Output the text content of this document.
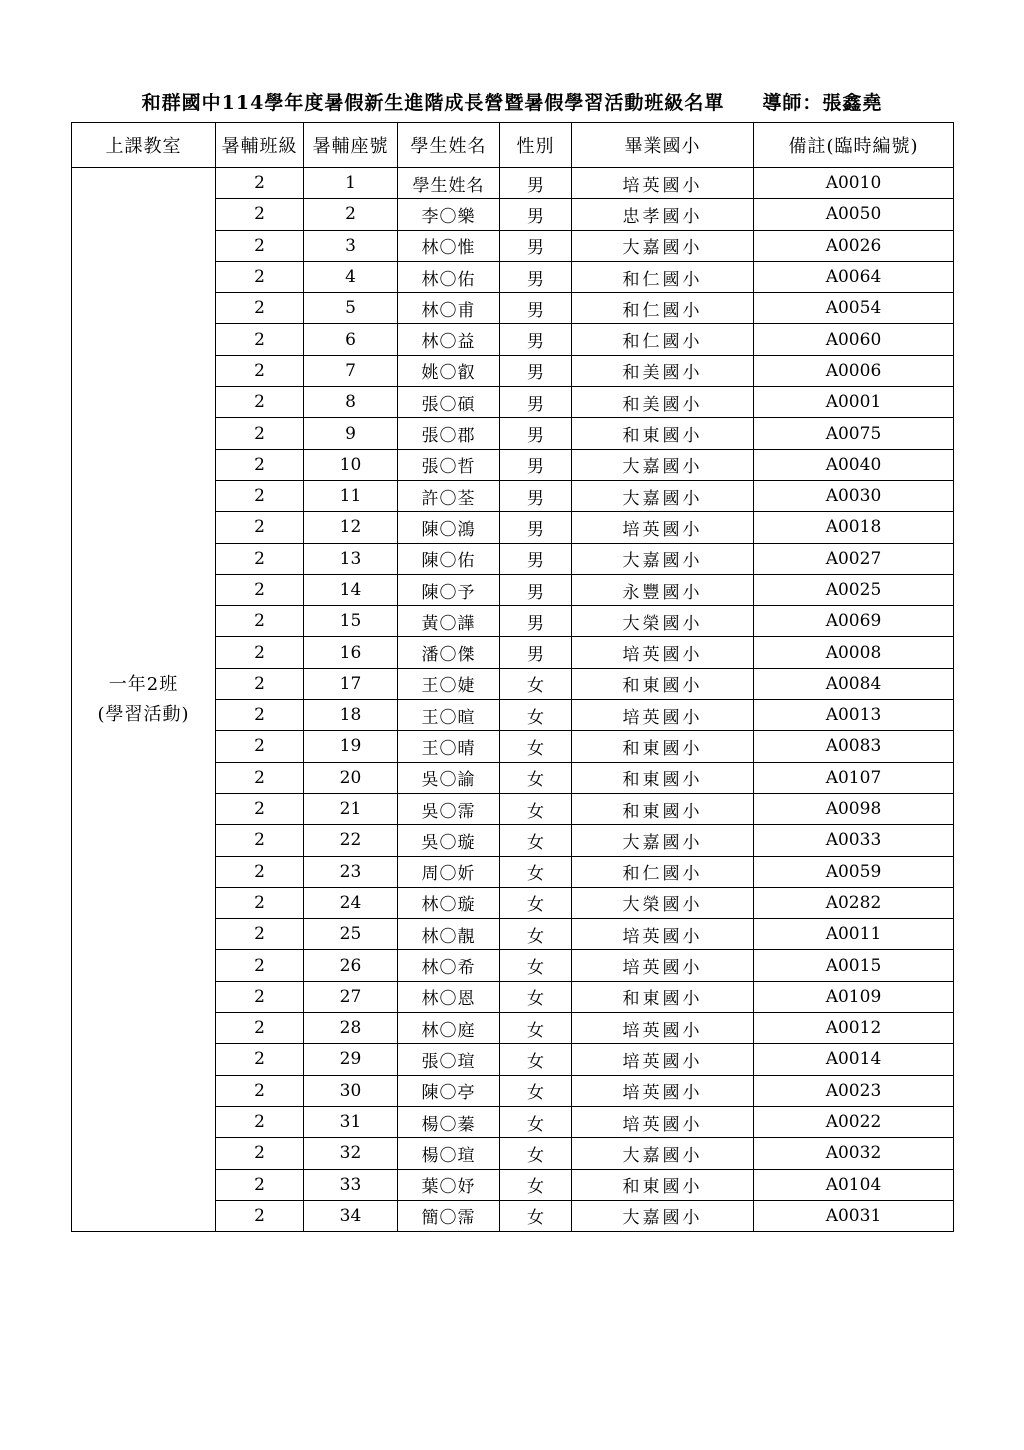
和群國中114學年度暑假新生進階成長營暨暑假學習活動班級名單 導師：張鑫堯
上課教室	暑輔班級	暑輔座號	學生姓名	性別	畢業國小	備註(臨時編號)

一年2班
(學習活動)	2	1	學生姓名	男	培英國小	A0010
	2	2	李〇樂	男	忠孝國小	A0050
	2	3	林〇惟	男	大嘉國小	A0026
	2	4	林〇佑	男	和仁國小	A0064
	2	5	林〇甫	男	和仁國小	A0054
	2	6	林〇益	男	和仁國小	A0060
	2	7	姚〇叡	男	和美國小	A0006
	2	8	張〇碩	男	和美國小	A0001
	2	9	張〇郡	男	和東國小	A0075
	2	10	張〇哲	男	大嘉國小	A0040
	2	11	許〇荃	男	大嘉國小	A0030
	2	12	陳〇鴻	男	培英國小	A0018
	2	13	陳〇佑	男	大嘉國小	A0027
	2	14	陳〇予	男	永豐國小	A0025
	2	15	黃〇譁	男	大榮國小	A0069
	2	16	潘〇傑	男	培英國小	A0008
	2	17	王〇婕	女	和東國小	A0084
	2	18	王〇暄	女	培英國小	A0013
	2	19	王〇晴	女	和東國小	A0083
	2	20	吳〇諭	女	和東國小	A0107
	2	21	吳〇霈	女	和東國小	A0098
	2	22	吳〇璇	女	大嘉國小	A0033
	2	23	周〇妡	女	和仁國小	A0059
	2	24	林〇璇	女	大榮國小	A0282
	2	25	林〇靚	女	培英國小	A0011
	2	26	林〇希	女	培英國小	A0015
	2	27	林〇恩	女	和東國小	A0109
	2	28	林〇庭	女	培英國小	A0012
	2	29	張〇瑄	女	培英國小	A0014
	2	30	陳〇亭	女	培英國小	A0023
	2	31	楊〇蓁	女	培英國小	A0022
	2	32	楊〇瑄	女	大嘉國小	A0032
	2	33	葉〇妤	女	和東國小	A0104
	2	34	簡〇霈	女	大嘉國小	A0031
